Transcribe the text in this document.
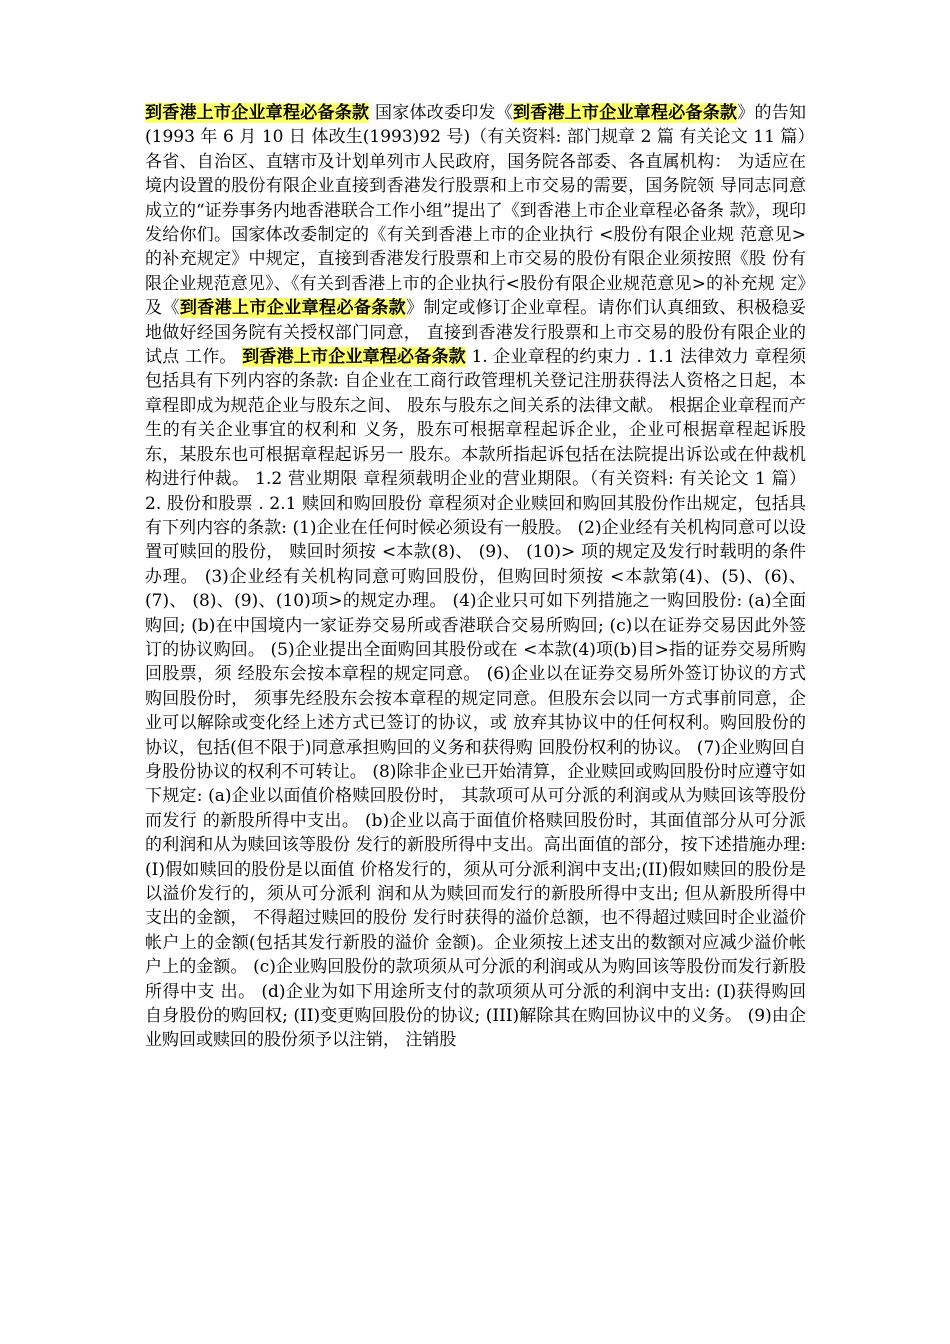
到香港上市企业章程必备条款 国家体改委印发《到香港上市企业章程必备条款》的告知 (1993 年 6 月 10 日 体改生(1993)92 号)（有关资料: 部门规章 2 篇 有关论文 11 篇）各省、自治区、直辖市及计划单列市人民政府，国务院各部委、各直属机构： 为适应在境内设置的股份有限企业直接到香港发行股票和上市交易的需要，国务院领 导同志同意成立的“证券事务内地香港联合工作小组”提出了《到香港上市企业章程必备条 款》，现印发给你们。国家体改委制定的《有关到香港上市的企业执行 <股份有限企业规 范意见>的补充规定》中规定，直接到香港发行股票和上市交易的股份有限企业须按照《股 份有限企业规范意见》、《有关到香港上市的企业执行<股份有限企业规范意见>的补充规 定》及《到香港上市企业章程必备条款》制定或修订企业章程。请你们认真细致、积极稳妥 地做好经国务院有关授权部门同意， 直接到香港发行股票和上市交易的股份有限企业的试点 工作。 到香港上市企业章程必备条款 1. 企业章程的约束力 . 1.1 法律效力 章程须包括具有下列内容的条款: 自企业在工商行政管理机关登记注册获得法人资格之日起，本章程即成为规范企业与股东之间、 股东与股东之间关系的法律文献。 根据企业章程而产生的有关企业事宜的权利和 义务，股东可根据章程起诉企业，企业可根据章程起诉股东，某股东也可根据章程起诉另一 股东。本款所指起诉包括在法院提出诉讼或在仲裁机构进行仲裁。 1.2 营业期限 章程须载明企业的营业期限。（有关资料: 有关论文 1 篇）2. 股份和股票 . 2.1 赎回和购回股份 章程须对企业赎回和购回其股份作出规定，包括具有下列内容的条款: (1)企业在任何时候必须设有一般股。 (2)企业经有关机构同意可以设置可赎回的股份， 赎回时须按 <本款(8)、 (9)、 (10)> 项的规定及发行时载明的条件办理。 (3)企业经有关机构同意可购回股份，但购回时须按 <本款第(4)、(5)、(6)、(7)、 (8)、(9)、(10)项>的规定办理。 (4)企业只可如下列措施之一购回股份: (a)全面购回; (b)在中国境内一家证券交易所或香港联合交易所购回; (c)以在证券交易因此外签订的协议购回。 (5)企业提出全面购回其股份或在 <本款(4)项(b)目>指的证券交易所购回股票，须 经股东会按本章程的规定同意。 (6)企业以在证券交易所外签订协议的方式购回股份时， 须事先经股东会按本章程的规定同意。但股东会以同一方式事前同意，企业可以解除或变化经上述方式已签订的协议，或 放弃其协议中的任何权利。购回股份的协议，包括(但不限于)同意承担购回的义务和获得购 回股份权利的协议。 (7)企业购回自身股份协议的权利不可转让。 (8)除非企业已开始清算，企业赎回或购回股份时应遵守如下规定: (a)企业以面值价格赎回股份时， 其款项可从可分派的利润或从为赎回该等股份而发行 的新股所得中支出。 (b)企业以高于面值价格赎回股份时，其面值部分从可分派的利润和从为赎回该等股份 发行的新股所得中支出。高出面值的部分，按下述措施办理:(I)假如赎回的股份是以面值 价格发行的，须从可分派利润中支出;(II)假如赎回的股份是以溢价发行的，须从可分派利 润和从为赎回而发行的新股所得中支出; 但从新股所得中支出的金额， 不得超过赎回的股份 发行时获得的溢价总额，也不得超过赎回时企业溢价帐户上的金额(包括其发行新股的溢价 金额)。企业须按上述支出的数额对应减少溢价帐户上的金额。 (c)企业购回股份的款项须从可分派的利润或从为购回该等股份而发行新股所得中支 出。 (d)企业为如下用途所支付的款项须从可分派的利润中支出: (I)获得购回自身股份的购回权; (II)变更购回股份的协议; (III)解除其在购回协议中的义务。 (9)由企业购回或赎回的股份须予以注销， 注销股
